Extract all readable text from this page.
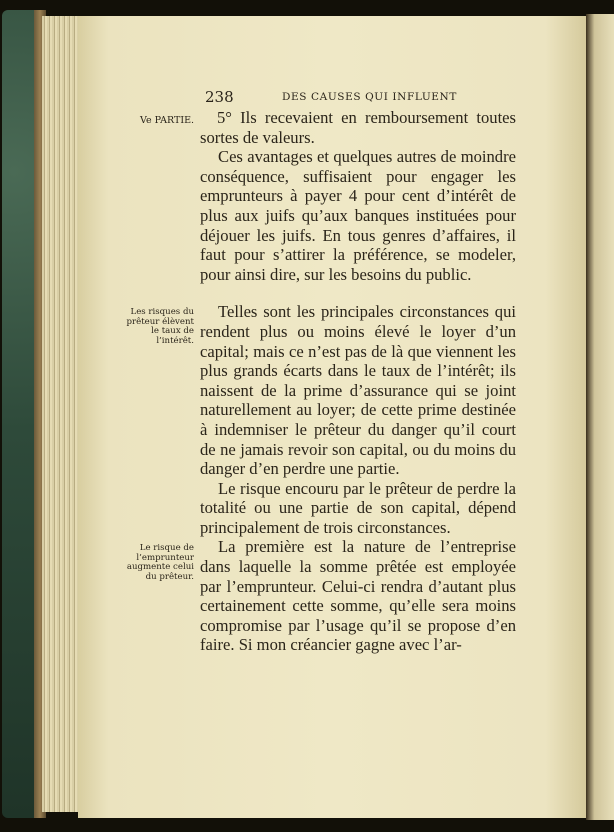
238	DES CAUSES QUI INFLUENT
Ve PARTIE.	5° Ils recevaient en remboursement toutes sortes de valeurs.

Ces avantages et quelques autres de moindre conséquence, suffisaient pour engager les emprunteurs à payer 4 pour cent d’intérêt de plus aux juifs qu’aux banques instituées pour déjouer les juifs. En tous genres d’affaires, il faut pour s’attirer la préférence, se modeler, pour ainsi dire, sur les besoins du public.

Telles sont les principales circonstances qui rendent plus ou moins élevé le loyer d’un capital; mais ce n’est pas de là que viennent les plus grands écarts dans le taux de l’intérêt; ils naissent de la prime d’assurance qui se joint naturellement au loyer; de cette prime destinée à indemniser le prêteur du danger qu’il court de ne jamais revoir son capital, ou du moins du danger d’en perdre une partie.

Le risque encouru par le prêteur de perdre la totalité ou une partie de son capital, dépend principalement de trois circonstances.

La première est la nature de l’entreprise dans laquelle la somme prêtée est employée par l’emprunteur. Celui-ci rendra d’autant plus certainement cette somme, qu’elle sera moins compromise par l’usage qu’il se propose d’en faire. Si mon créancier gagne avec l’ar-

Les risques du prêteur élèvent le taux de l’intérêt.
Le risque de l’emprunteur augmente celui du prêteur.
